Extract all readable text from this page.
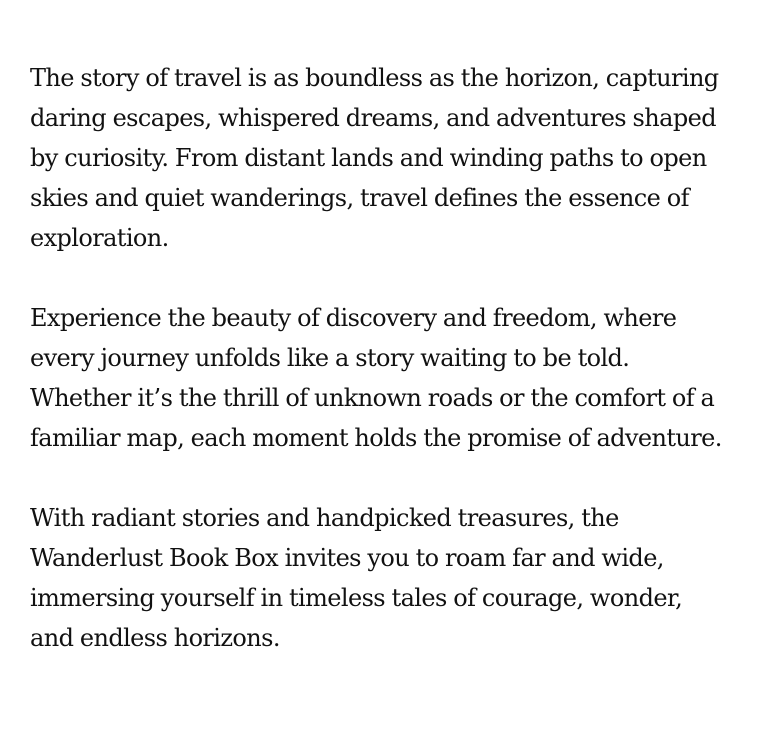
The story of travel is as boundless as the horizon, capturing daring escapes, whispered dreams, and adventures shaped by curiosity. From distant lands and winding paths to open skies and quiet wanderings, travel defines the essence of exploration.

Experience the beauty of discovery and freedom, where every journey unfolds like a story waiting to be told. Whether it’s the thrill of unknown roads or the comfort of a familiar map, each moment holds the promise of adventure.

With radiant stories and handpicked treasures, the Wanderlust Book Box invites you to roam far and wide, immersing yourself in timeless tales of courage, wonder, and endless horizons.
